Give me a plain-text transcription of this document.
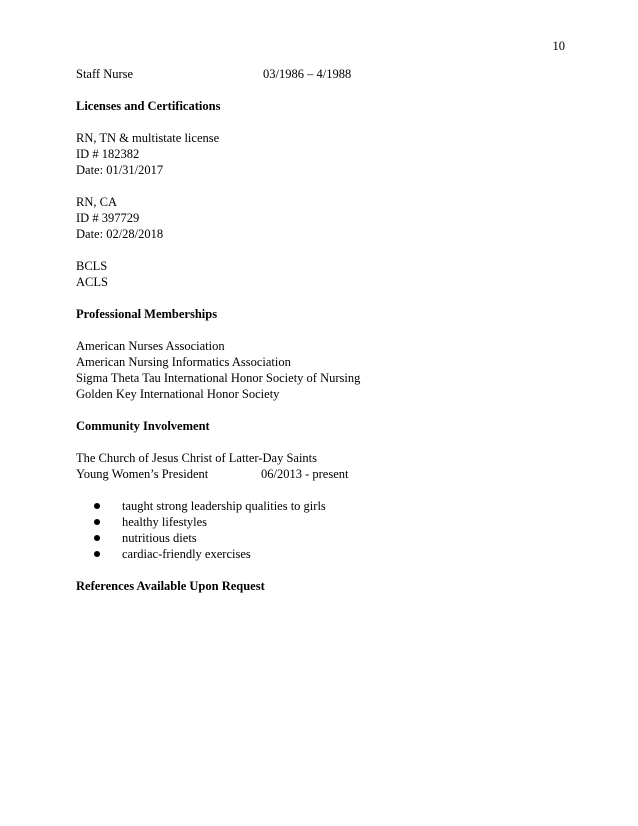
10
Staff Nurse	03/1986 – 4/1988
Licenses and Certifications
RN, TN & multistate license
ID # 182382
Date: 01/31/2017
RN, CA
ID # 397729
Date: 02/28/2018
BCLS
ACLS
Professional Memberships
American Nurses Association
American Nursing Informatics Association
Sigma Theta Tau International Honor Society of Nursing
Golden Key International Honor Society
Community Involvement
The Church of Jesus Christ of Latter-Day Saints
Young Women’s President	06/2013 - present
taught strong leadership qualities to girls
healthy lifestyles
nutritious diets
cardiac-friendly exercises
References Available Upon Request
